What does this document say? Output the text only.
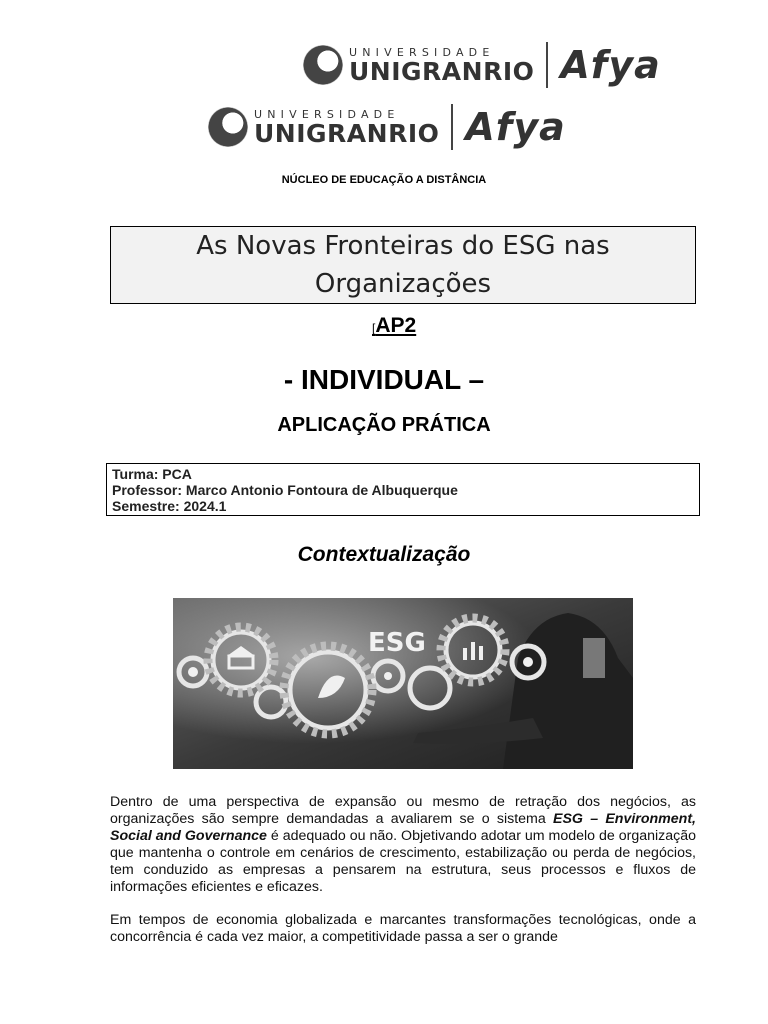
UNIVERSIDADE
UNIGRANRIO Afya
UNIVERSIDADE
UNIGRANRIO Afya
NÚCLEO DE EDUCAÇÃO A DISTÂNCIA
As Novas Fronteiras do ESG nas
Organizações
[AP2
- INDIVIDUAL –
APLICAÇÃO PRÁTICA
Turma: PCA
Professor: Marco Antonio Fontoura de Albuquerque
Semestre: 2024.1
Contextualização
ESG
Dentro de uma perspectiva de expansão ou mesmo de retração dos negócios, as organizações são sempre demandadas a avaliarem se o sistema ESG – Environment, Social and Governance é adequado ou não. Objetivando adotar um modelo de organização que mantenha o controle em cenários de crescimento, estabilização ou perda de negócios, tem conduzido as empresas a pensarem na estrutura, seus processos e fluxos de informações eficientes e eficazes.
Em tempos de economia globalizada e marcantes transformações tecnológicas, onde a concorrência é cada vez maior, a competitividade passa a ser o grande
